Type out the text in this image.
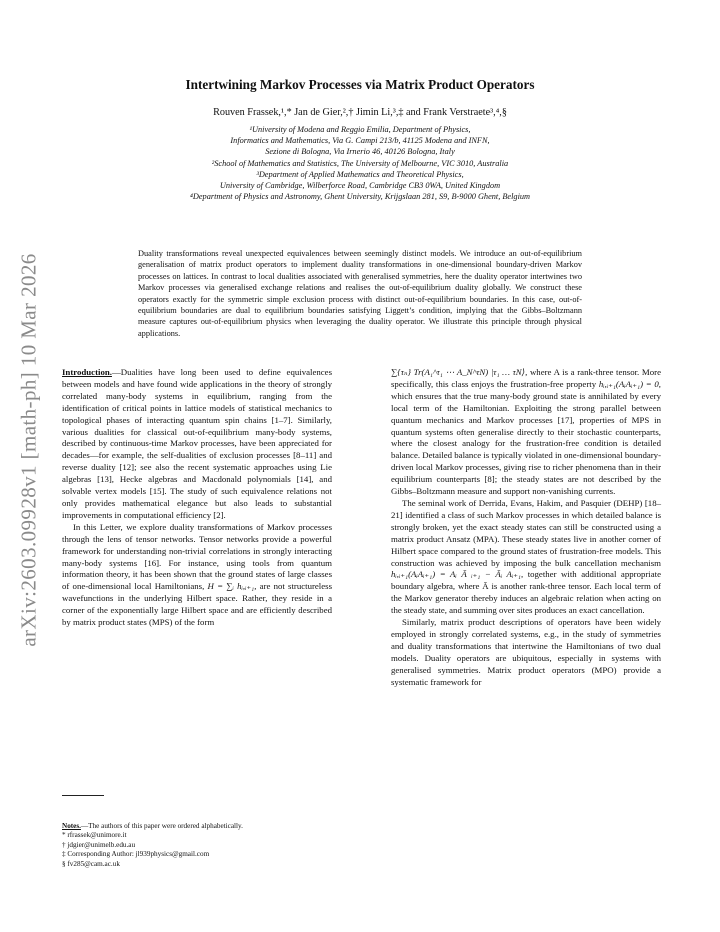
arXiv:2603.09928v1 [math-ph] 10 Mar 2026
Intertwining Markov Processes via Matrix Product Operators
Rouven Frassek,¹,* Jan de Gier,²,† Jimin Li,³,‡ and Frank Verstraete³,⁴,§
¹University of Modena and Reggio Emilia, Department of Physics,
Informatics and Mathematics, Via G. Campi 213/b, 41125 Modena and INFN,
Sezione di Bologna, Via Irnerio 46, 40126 Bologna, Italy
²School of Mathematics and Statistics, The University of Melbourne, VIC 3010, Australia
³Department of Applied Mathematics and Theoretical Physics,
University of Cambridge, Wilberforce Road, Cambridge CB3 0WA, United Kingdom
⁴Department of Physics and Astronomy, Ghent University, Krijgslaan 281, S9, B-9000 Ghent, Belgium
Duality transformations reveal unexpected equivalences between seemingly distinct models. We introduce an out-of-equilibrium generalisation of matrix product operators to implement duality transformations in one-dimensional boundary-driven Markov processes on lattices. In contrast to local dualities associated with generalised symmetries, here the duality operator intertwines two Markov processes via generalised exchange relations and realises the out-of-equilibrium duality globally. We construct these operators exactly for the symmetric simple exclusion process with distinct out-of-equilibrium boundaries. In this case, out-of-equilibrium boundaries are dual to equilibrium boundaries satisfying Liggett’s condition, implying that the Gibbs–Boltzmann measure captures out-of-equilibrium physics when leveraging the duality operator. We illustrate this principle through physical applications.

Introduction.—Dualities have long been used to define equivalences between models and have found wide applications in the theory of strongly correlated many-body systems in equilibrium, ranging from the identification of critical points in lattice models of statistical mechanics to topological phases of interacting quantum spin chains [1–7]. Similarly, various dualities for classical out-of-equilibrium many-body systems, described by continuous-time Markov processes, have been appreciated for decades—for example, the self-dualities of exclusion processes [8–11] and reverse duality [12]; see also the recent systematic approaches using Lie algebras [13], Hecke algebras and Macdonald polynomials [14], and solvable vertex models [15]. The study of such equivalence relations not only provides mathematical elegance but also leads to substantial improvements in computational efficiency [2].

In this Letter, we explore duality transformations of Markov processes through the lens of tensor networks. Tensor networks provide a powerful framework for understanding non-trivial correlations in strongly interacting many-body systems [16]. For instance, using tools from quantum information theory, it has been shown that the ground states of large classes of one-dimensional local Hamiltonians, H = ∑ᵢ hᵢ,ᵢ₊₁, are not structureless wavefunctions in the underlying Hilbert space. Rather, they reside in a corner of the exponentially large Hilbert space and are efficiently described by matrix product states (MPS) of the form

∑{τₙ} Tr(A₁^τ₁ ⋯ A_N^τN) |τ₁ … τN⟩, where A is a rank-three tensor. More specifically, this class enjoys the frustration-free property hᵢ,ᵢ₊₁(AᵢAᵢ₊₁) = 0, which ensures that the true many-body ground state is annihilated by every local term of the Hamiltonian. Exploiting the strong parallel between quantum mechanics and Markov processes [17], properties of MPS in quantum systems often generalise directly to their stochastic counterparts, where the closest analogy for the frustration-free condition is detailed balance. Detailed balance is typically violated in one-dimensional boundary-driven local Markov processes, giving rise to richer phenomena than in their equilibrium counterparts [8]; the steady states are not described by the Gibbs–Boltzmann measure and support non-vanishing currents.

The seminal work of Derrida, Evans, Hakim, and Pasquier (DEHP) [18–21] identified a class of such Markov processes in which detailed balance is strongly broken, yet the exact steady states can still be constructed using a matrix product Ansatz (MPA). These steady states live in another corner of Hilbert space compared to the ground states of frustration-free models. This construction was achieved by imposing the bulk cancellation mechanism hᵢ,ᵢ₊₁(AᵢAᵢ₊₁) = Aᵢ Ā ᵢ₊₁ − Āᵢ Aᵢ₊₁, together with additional appropriate boundary algebra, where Ā is another rank-three tensor. Each local term of the Markov generator thereby induces an algebraic relation when acting on the steady state, and summing over sites produces an exact cancellation.

Similarly, matrix product descriptions of operators have been widely employed in strongly correlated systems, e.g., in the study of symmetries and duality transformations that intertwine the Hamiltonians of two dual models. Duality operators are ubiquitous, especially in systems with generalised symmetries. Matrix product operators (MPO) provide a systematic framework for

Notes.—The authors of this paper were ordered alphabetically.
* rfrassek@unimore.it
† jdgier@unimelb.edu.au
‡ Corresponding Author: jl939physics@gmail.com
§ fv285@cam.ac.uk
